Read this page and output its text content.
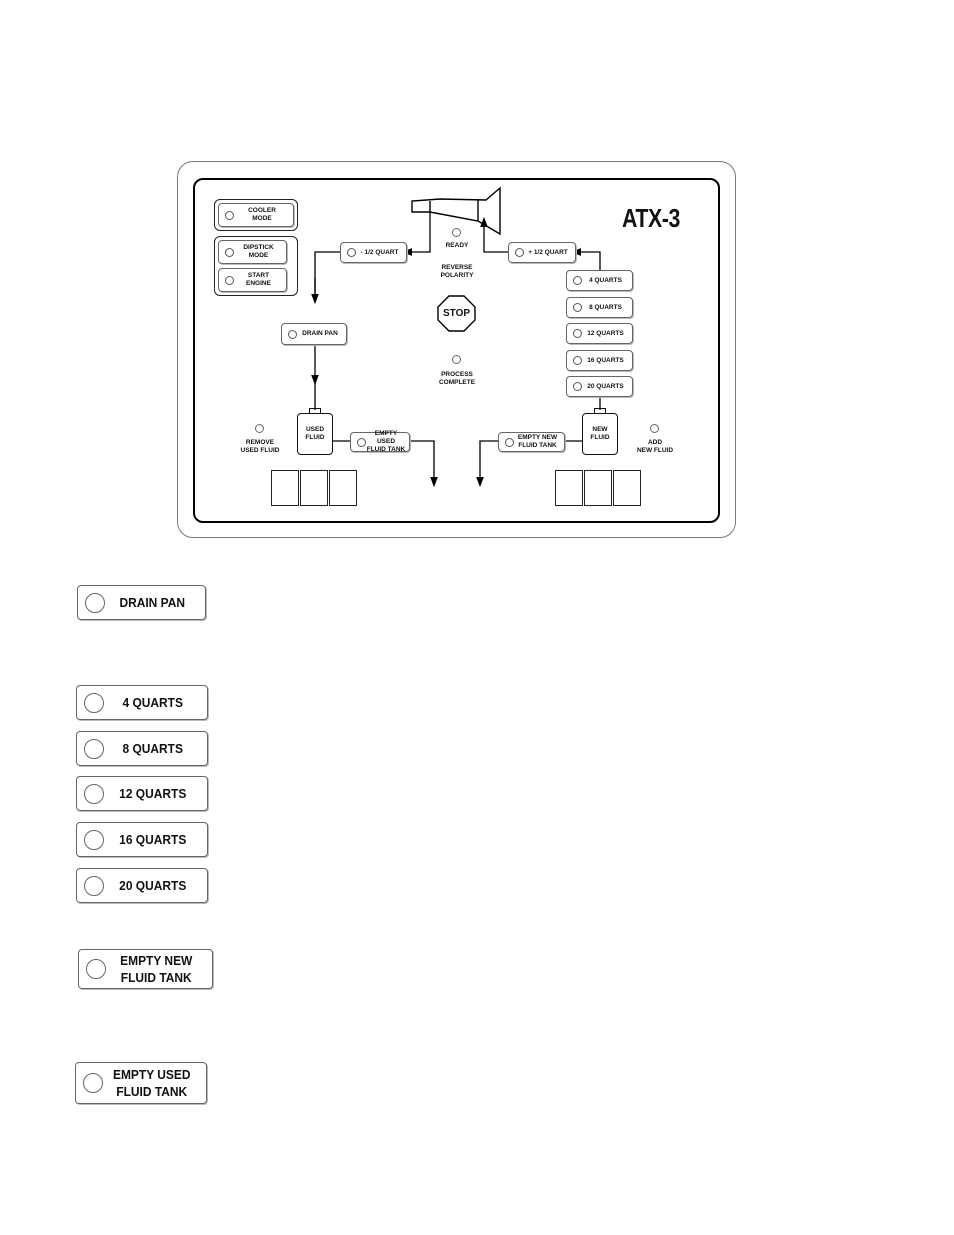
ATX-3
STOP
COOLER
MODE
DIPSTICK
MODE
START
ENGINE
- 1/2 QUART	+ 1/2 QUART
READY
REVERSE
POLARITY
PROCESS
COMPLETE
DRAIN PAN
4 QUARTS
8 QUARTS
12 QUARTS
16 QUARTS
20 QUARTS
USED
FLUID
NEW
FLUID
REMOVE
USED FLUID
ADD
NEW FLUID
EMPTY USED
FLUID TANK
EMPTY NEW
FLUID TANK
DRAIN PAN
4 QUARTS
8 QUARTS
12 QUARTS
16 QUARTS
20 QUARTS
EMPTY NEW
FLUID TANK
EMPTY USED
FLUID TANK
